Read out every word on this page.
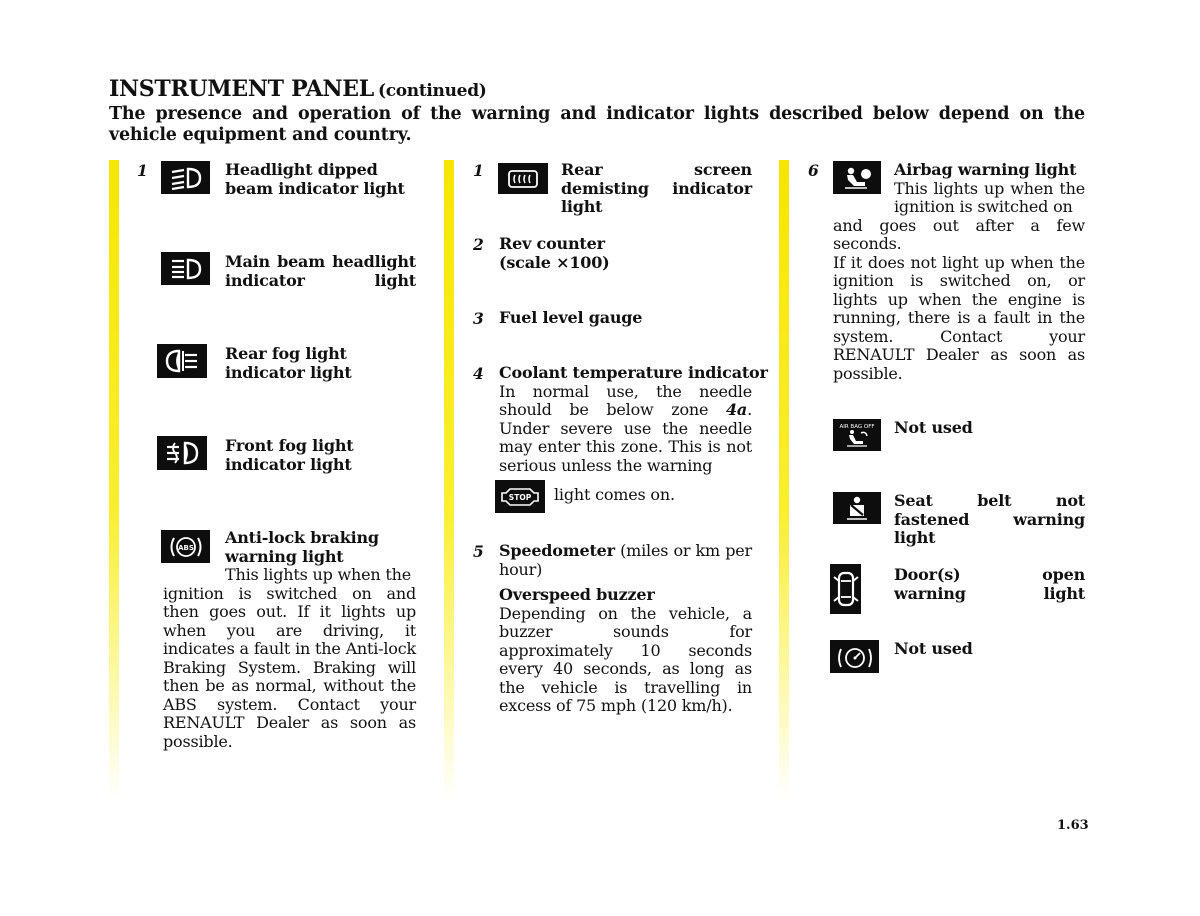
INSTRUMENT PANEL (continued)
The presence and operation of the warning and indicator lights described below depend on the vehicle equipment and country.
1	Headlight dipped beam indicator light
Main beam headlight indicator light
Rear fog light indicator light
Front fog light indicator light
ABS
Anti-lock braking warning light
This lights up when the
ignition is switched on and then goes out. If it lights up when you are driving, it indicates a fault in the Anti-lock Braking System. Braking will then be as normal, without the ABS system. Contact your RENAULT Dealer as soon as possible.
1	Rear screen demisting indicator light
2 Rev counter
(scale ×100)
3 Fuel level gauge
4 Coolant temperature indicator
In normal use, the needle should be below zone 4a. Under severe use the needle may enter this zone. This is not serious unless the warning
STOP light comes on.
5 Speedometer (miles or km per hour)
Overspeed buzzer
Depending on the vehicle, a buzzer sounds for approximately 10 seconds every 40 seconds, as long as the vehicle is travelling in excess of 75 mph (120 km/h).
6	Airbag warning light
This lights up when the ignition is switched on
and goes out after a few seconds.
If it does not light up when the ignition is switched on, or lights up when the engine is running, there is a fault in the system. Contact your RENAULT Dealer as soon as possible.
AIR BAG OFF Not used
Seat belt not fastened warning light
Door(s) open warning light
Not used
1.63
